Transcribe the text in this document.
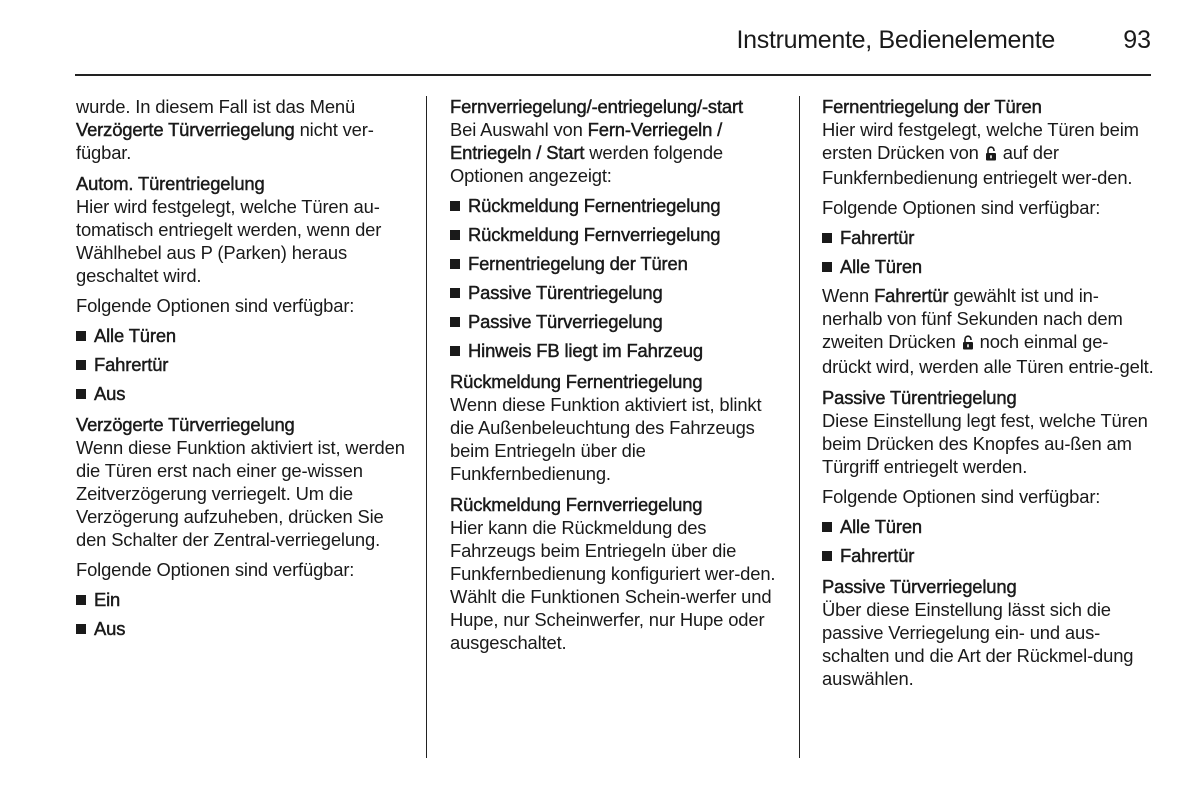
Instrumente, Bedienelemente	93

wurde. In diesem Fall ist das Menü Verzögerte Türverriegelung nicht ver-fügbar.

Autom. Türentriegelung

Hier wird festgelegt, welche Türen au-tomatisch entriegelt werden, wenn der Wählhebel aus P (Parken) heraus geschaltet wird.

Folgende Optionen sind verfügbar:

Alle Türen
Fahrertür
Aus
Verzögerte Türverriegelung

Wenn diese Funktion aktiviert ist, werden die Türen erst nach einer ge-wissen Zeitverzögerung verriegelt. Um die Verzögerung aufzuheben, drücken Sie den Schalter der Zentral-verriegelung.

Folgende Optionen sind verfügbar:

Ein
Aus
Fernverriegelung/-entriegelung/-start

Bei Auswahl von Fern-Verriegeln / Entriegeln / Start werden folgende Optionen angezeigt:

Rückmeldung Fernentriegelung
Rückmeldung Fernverriegelung
Fernentriegelung der Türen
Passive Türentriegelung
Passive Türverriegelung
Hinweis FB liegt im Fahrzeug
Rückmeldung Fernentriegelung

Wenn diese Funktion aktiviert ist, blinkt die Außenbeleuchtung des Fahrzeugs beim Entriegeln über die Funkfernbedienung.

Rückmeldung Fernverriegelung

Hier kann die Rückmeldung des Fahrzeugs beim Entriegeln über die Funkfernbedienung konfiguriert wer-den. Wählt die Funktionen Schein-werfer und Hupe, nur Scheinwerfer, nur Hupe oder ausgeschaltet.

Fernentriegelung der Türen

Hier wird festgelegt, welche Türen beim ersten Drücken von auf der Funkfernbedienung entriegelt wer-den.

Folgende Optionen sind verfügbar:

Fahrertür
Alle Türen

Wenn Fahrertür gewählt ist und in-nerhalb von fünf Sekunden nach dem zweiten Drücken noch einmal ge-drückt wird, werden alle Türen entrie-gelt.

Passive Türentriegelung

Diese Einstellung legt fest, welche Türen beim Drücken des Knopfes au-ßen am Türgriff entriegelt werden.

Folgende Optionen sind verfügbar:

Alle Türen
Fahrertür
Passive Türverriegelung

Über diese Einstellung lässt sich die passive Verriegelung ein- und aus-schalten und die Art der Rückmel-dung auswählen.
